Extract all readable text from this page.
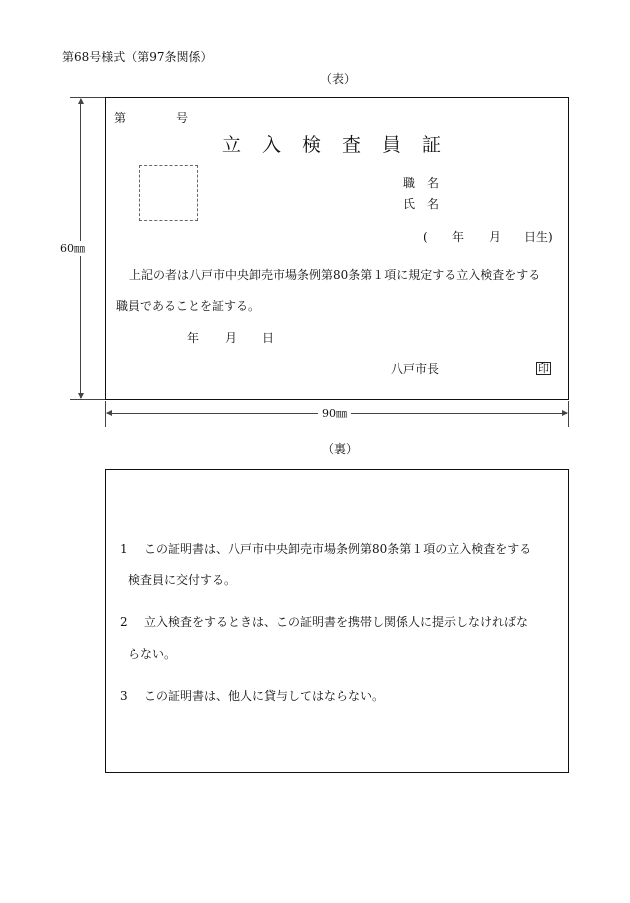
第68号様式（第97条関係）
（表）
60㎜
第	号
立入検査員証
職　名
氏　名
( 年 月 日生)
上記の者は八戸市中央卸売市場条例第80条第１項に規定する立入検査をする
職員であることを証する。
年 月 日
八戸市長	印
90㎜
（裏）
1 この証明書は、八戸市中央卸売市場条例第80条第１項の立入検査をする
検査員に交付する。
2 立入検査をするときは、この証明書を携帯し関係人に提示しなければな
らない。
3 この証明書は、他人に貸与してはならない。
